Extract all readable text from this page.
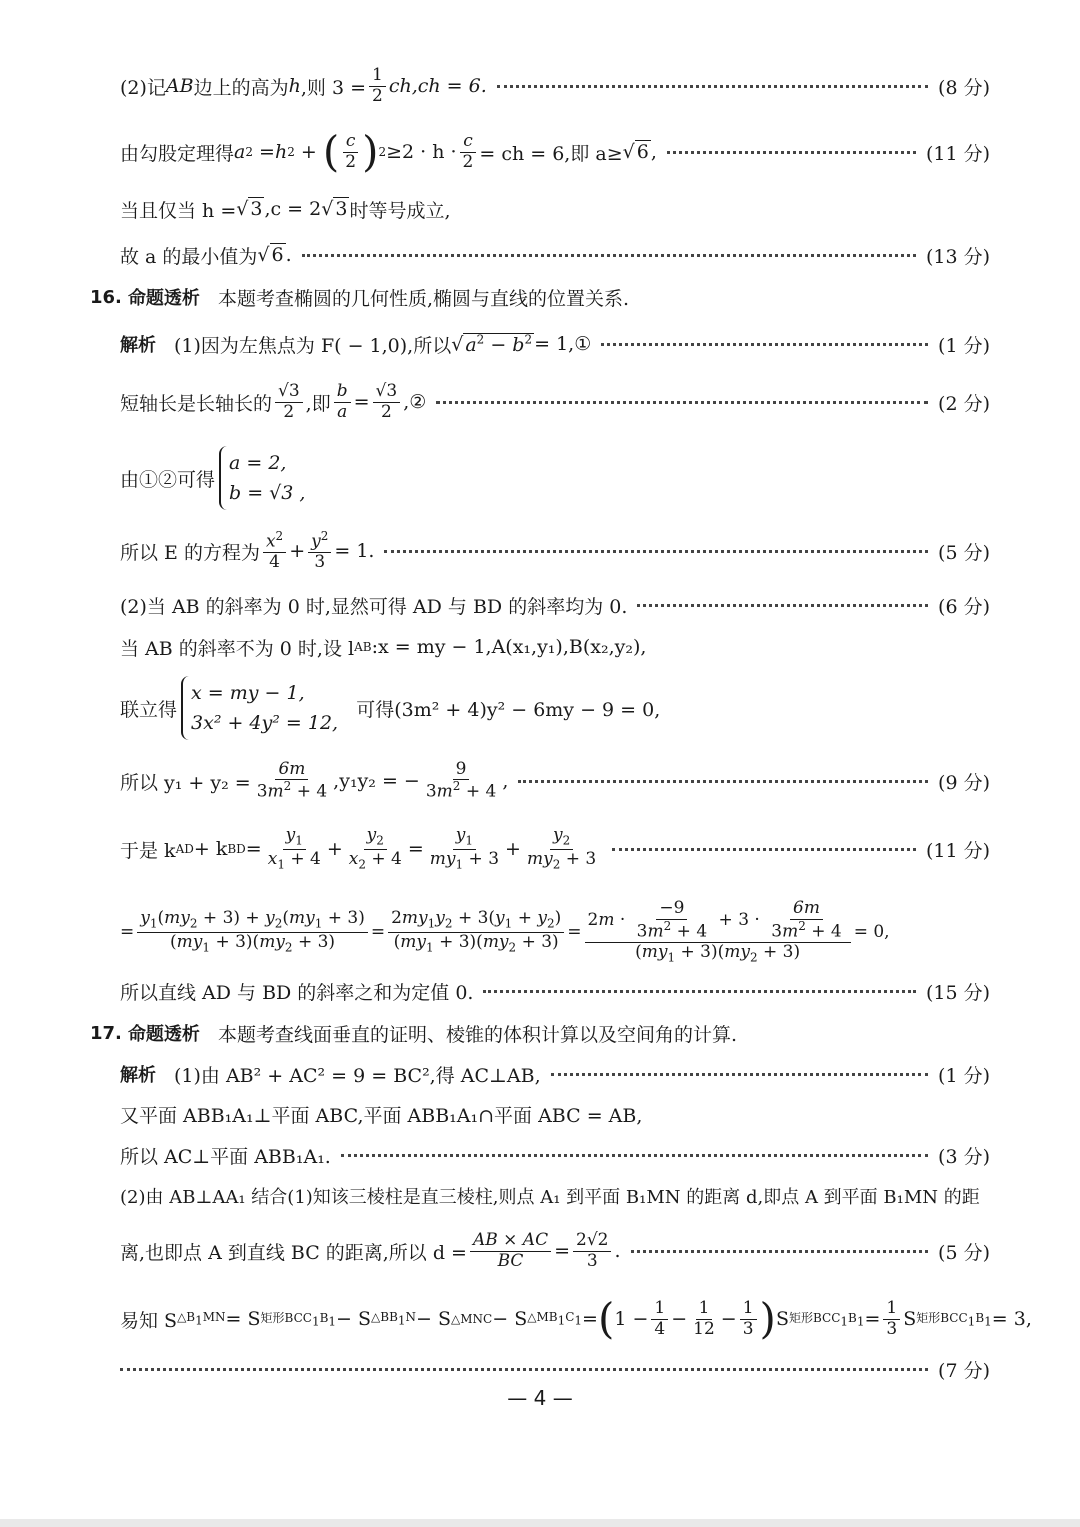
(2)记 AB 边上的高为 h ,则 $3 = \frac{1}{2} ch,ch = 6$.	(8 分)
由勾股定理得 a 2 = h 2 + ( $\frac{c}{2}$ ) $2 \ge 2 \cdot h \cdot \frac{c}{2}$ = ch = 6,即 a≥ √ 6 ,	(11 分)
当且仅当 h = √ 3 ,c = 2 √ 3 时等号成立,
故 a 的最小值为 √ 6 .	(13 分)
16.
命题透析 本题考查椭圆的几何性质,椭圆与直线的位置关系.
解析 (1)因为左焦点为 F( − 1,0),所以 √ $a^2 - b^2$ = 1,①	(1 分)
短轴长是长轴长的 $\frac{√3}{2}$ ,即 $\frac{b}{a} = \frac{√3}{2}$ ,②	(2 分)
由①②可得
a = 2,
b = √3 ,
所以 E 的方程为 $\frac{x^2}{4} + \frac{y^2}{3} = 1$.	(5 分)
(2)当 AB 的斜率为 0 时,显然可得 AD 与 BD 的斜率均为 0.	(6 分)
当 AB 的斜率不为 0 时,设 l AB :x = my − 1,A(x₁,y₁),B(x₂,y₂),
联立得
x = my − 1,
3x² + 4y² = 12,

可得(3m² + 4)y² − 6my − 9 = 0,
所以 $y_1 + y_2 = \frac{6m}{3m^2 + 4} ,y_1y_2$ = − $\frac{9}{3m^2 + 4}$ ,	(9 分)
于是 k AD + k BD = $\frac{y_1}{x_1 + 4} + \frac{y_2}{x_2 + 4} = \frac{y_1}{my_1 + 3} + \frac{y_2}{my_2 + 3}$	(11 分)
= $\frac{y_1(my_2 + 3) + y_2(my_1 + 3)}{(my_1 + 3)(my_2 + 3)} = \frac{2my_1y_2 + 3(y_1 + y_2)}{(my_1 + 3)(my_2 + 3)} = \frac{2m \cdot \frac{-9}{3m^2 + 4} + 3 \cdot \frac{6m}{3m^2 + 4}}{(my_1 + 3)(my_2 + 3)} = 0$,
所以直线 AD 与 BD 的斜率之和为定值 0.	(15 分)
17.
命题透析 本题考查线面垂直的证明、棱锥的体积计算以及空间角的计算.
解析 (1)由 AB² + AC² = 9 = BC²,得 AC⊥AB,	(1 分)
又平面 ABB₁A₁⊥平面 ABC,平面 ABB₁A₁∩平面 ABC = AB,
所以 AC⊥平面 ABB₁A₁.	(3 分)
(2)由 AB⊥AA₁ 结合(1)知该三棱柱是直三棱柱,则点 A₁ 到平面 B₁MN 的距离 d,即点 A 到平面 B₁MN 的距
离,也即点 A 到直线 BC 的距离,所以 $d = \frac{AB \times AC}{BC} = \frac{2√2}{3}$ .	(5 分)
易知 S $\triangle B_1MN = S$ 矩形$BCC_1B_1 - S$ $\triangle BB_1N - S$ △MNC − S $\triangle MB_1C_1$ = ( $1 - \frac{1}{4} - \frac{1}{12} - \frac{1}{3}$ ) S 矩形$BCC_1B_1 = \frac{1}{3}$ S 矩形$BCC_1B_1 = 3$,
(7 分)
— 4 —
